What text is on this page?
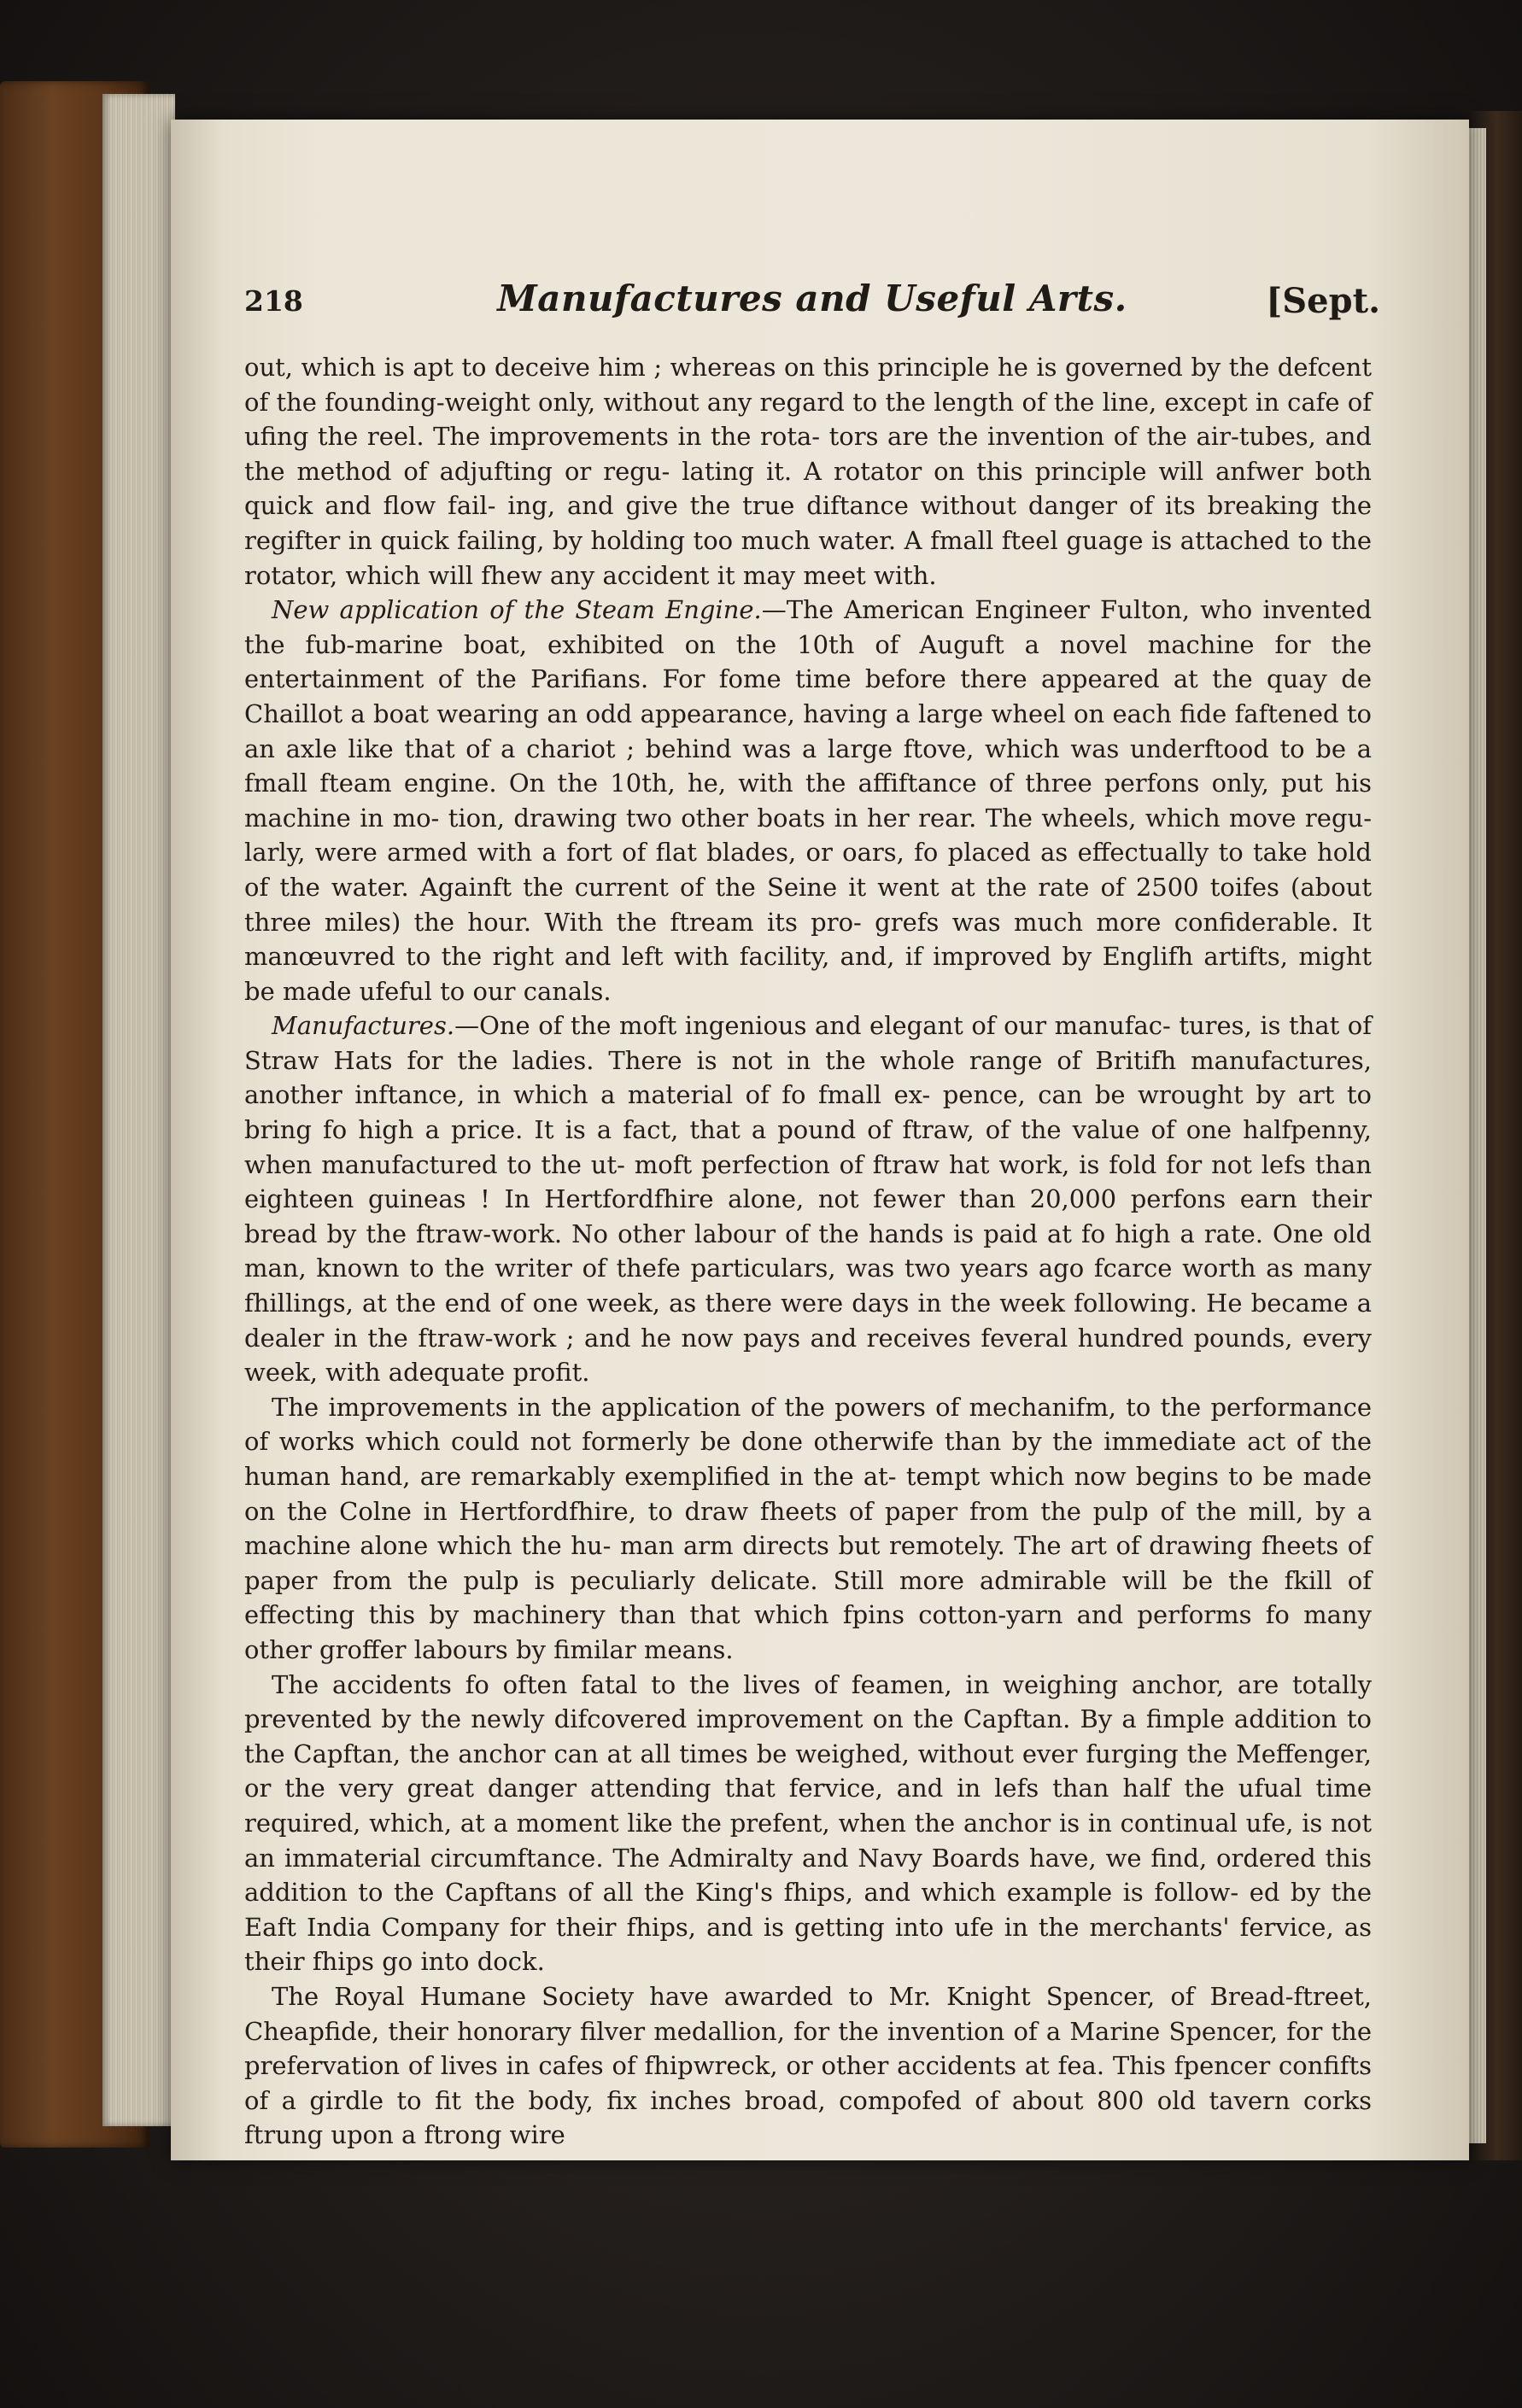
218	Manufactures and Useful Arts.	[Sept.

out, which is apt to deceive him ; whereas on this principle he is governed by the defcent of the founding-weight only, without any regard to the length of the line, except in cafe of ufing the reel. The improvements in the rota- tors are the invention of the air-tubes, and the method of adjufting or regu- lating it. A rotator on this principle will anfwer both quick and flow fail- ing, and give the true diftance without danger of its breaking the regifter in quick failing, by holding too much water. A fmall fteel guage is attached to the rotator, which will fhew any accident it may meet with.

New application of the Steam Engine.—The American Engineer Fulton, who invented the fub-marine boat, exhibited on the 10th of Auguft a novel machine for the entertainment of the Parifians. For fome time before there appeared at the quay de Chaillot a boat wearing an odd appearance, having a large wheel on each fide faftened to an axle like that of a chariot ; behind was a large ftove, which was underftood to be a fmall fteam engine. On the 10th, he, with the affiftance of three perfons only, put his machine in mo- tion, drawing two other boats in her rear. The wheels, which move regu- larly, were armed with a fort of flat blades, or oars, fo placed as effectually to take hold of the water. Againft the current of the Seine it went at the rate of 2500 toifes (about three miles) the hour. With the ftream its pro- grefs was much more confiderable. It manœuvred to the right and left with facility, and, if improved by Englifh artifts, might be made ufeful to our canals.

Manufactures.—One of the moft ingenious and elegant of our manufac- tures, is that of Straw Hats for the ladies. There is not in the whole range of Britifh manufactures, another inftance, in which a material of fo fmall ex- pence, can be wrought by art to bring fo high a price. It is a fact, that a pound of ftraw, of the value of one halfpenny, when manufactured to the ut- moft perfection of ftraw hat work, is fold for not lefs than eighteen guineas ! In Hertfordfhire alone, not fewer than 20,000 perfons earn their bread by the ftraw-work. No other labour of the hands is paid at fo high a rate. One old man, known to the writer of thefe particulars, was two years ago fcarce worth as many fhillings, at the end of one week, as there were days in the week following. He became a dealer in the ftraw-work ; and he now pays and receives feveral hundred pounds, every week, with adequate profit.

The improvements in the application of the powers of mechanifm, to the performance of works which could not formerly be done otherwife than by the immediate act of the human hand, are remarkably exemplified in the at- tempt which now begins to be made on the Colne in Hertfordfhire, to draw fheets of paper from the pulp of the mill, by a machine alone which the hu- man arm directs but remotely. The art of drawing fheets of paper from the pulp is peculiarly delicate. Still more admirable will be the fkill of effecting this by machinery than that which fpins cotton-yarn and performs fo many other groffer labours by fimilar means.

The accidents fo often fatal to the lives of feamen, in weighing anchor, are totally prevented by the newly difcovered improvement on the Capftan. By a fimple addition to the Capftan, the anchor can at all times be weighed, without ever furging the Meffenger, or the very great danger attending that fervice, and in lefs than half the ufual time required, which, at a moment like the prefent, when the anchor is in continual ufe, is not an immaterial circumftance. The Admiralty and Navy Boards have, we find, ordered this addition to the Capftans of all the King's fhips, and which example is follow- ed by the Eaft India Company for their fhips, and is getting into ufe in the merchants' fervice, as their fhips go into dock.

The Royal Humane Society have awarded to Mr. Knight Spencer, of Bread-ftreet, Cheapfide, their honorary filver medallion, for the invention of a Marine Spencer, for the prefervation of lives in cafes of fhipwreck, or other accidents at fea. This fpencer confifts of a girdle to fit the body, fix inches broad, compofed of about 800 old tavern corks ftrung upon a ftrong wire
